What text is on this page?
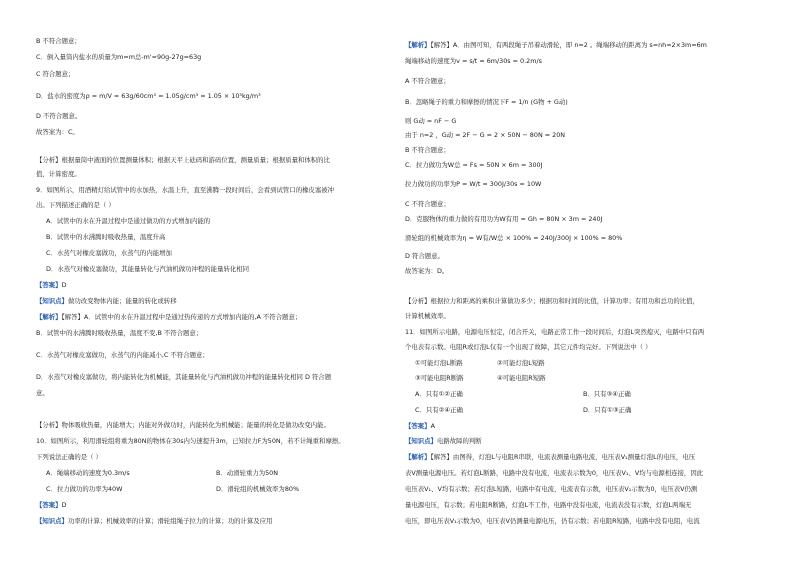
B 不符合题意；
C．倒入量筒内盐水的质量为m=m总-m'=90g-27g=63g
C 符合题意；
D．盐水的密度为ρ = m/V = 63g/60cm³ = 1.05g/cm³ = 1.05 × 10³kg/m³
D 不符合题意。
故答案为：C。
【分析】根据量筒中液面的位置测量体积；根据天平上砝码和游码位置，测量质量；根据质量和体积的比
值，计算密度。
9．如图所示，用酒精灯给试管中的水加热，水温上升，直至沸腾一段时间后，会看到试管口的橡皮塞被冲
出。下列描述正确的是（ ）
A．试管中的水在升温过程中是通过做功的方式增加内能的
B．试管中的水沸腾时吸收热量，温度升高
C．水蒸气对橡皮塞做功，水蒸气的内能增加
D．水蒸气对橡皮塞做功，其能量转化与汽油机做功冲程的能量转化相同
【答案】D
【知识点】做功改变物体内能；能量的转化或转移
【解析】【解答】A．试管中的水在升温过程中是通过热传递的方式增加内能的,A 不符合题意；
B．试管中的水沸腾时吸收热量，温度不变,B 不符合题意；
C．水蒸气对橡皮塞做功，水蒸气的内能减小,C 不符合题意；
D．水蒸气对橡皮塞做功，将内能转化为机械能，其能量转化与汽油机做功冲程的能量转化相同 D 符合题
意。
【分析】物体吸收热量，内能增大；内能对外做功时，内能转化为机械能；能量的转化是做功改变内能。
10．如图所示，利用滑轮组将重为80N的物体在30s内匀速提升3m，已知拉力F为50N，若不计绳重和摩擦。
下列说法正确的是（ ）
A．绳端移动的速度为0.3m/s	B．动滑轮重力为50N
C．拉力做功的功率为40W	D．滑轮组的机械效率为80%
【答案】D
【知识点】功率的计算；机械效率的计算；滑轮组绳子拉力的计算；功的计算及应用
【解析】【解答】A．由图可知，有两段绳子吊着动滑轮，即 n=2 。绳端移动的距离为 s=nh=2×3m=6m
绳端移动的速度为v = s/t = 6m/30s = 0.2m/s
A 不符合题意；
B．忽略绳子的重力和摩擦的情况下F = 1/n (G物 + G动)
则 G动 = nF − G
由于 n=2 ，G动 = 2F − G = 2 × 50N − 80N = 20N
B 不符合题意；
C．拉力做功为W总 = Fs = 50N × 6m = 300J
拉力做功的功率为P = W/t = 300J/30s = 10W
C 不符合题意；
D．克服物体的重力做的有用功为W有用 = Gh = 80N × 3m = 240J
滑轮组的机械效率为η = W有/W总 × 100% = 240J/300J × 100% = 80%
D 符合题意。
故答案为：D。
【分析】根据拉力和距离的乘积计算做功多少；根据功和时间的比值，计算功率；有用功和总功的比值，
计算机械效率。
11．如图所示电路，电源电压恒定，闭合开关，电路正常工作一段时间后，灯泡L突然熄灭，电路中只有两
个电表有示数。电阻R或灯泡L仅有一个出现了故障，其它元件均完好。下列说法中（ ）
①可能灯泡L断路	②可能灯泡L短路
③可能电阻R断路	④可能电阻R短路
A．只有①②正确	B．只有③④正确
C．只有②④正确	D．只有①③正确
【答案】A
【知识点】电路故障的判断
【解析】【解答】由图得，灯泡L与电阻R串联，电流表测量电路电流，电压表V₁测量灯泡L的电压，电压
表V测量电源电压。若灯泡L断路，电路中没有电流，电流表示数为0，电压表V₁、V均与电源相连接，因此
电压表V₁、V均有示数；若灯泡L短路，电路中有电流，电流表有示数，电压表V₁示数为0，电压表V仍测
量电源电压，有示数；若电阻R断路，灯泡L不工作，电路中没有电流，电流表没有示数，灯泡L两端无
电压，即电压表V₁示数为0，电压表V仍测量电源电压，仍有示数；若电阻R短路，电路中没有电阻，电流
